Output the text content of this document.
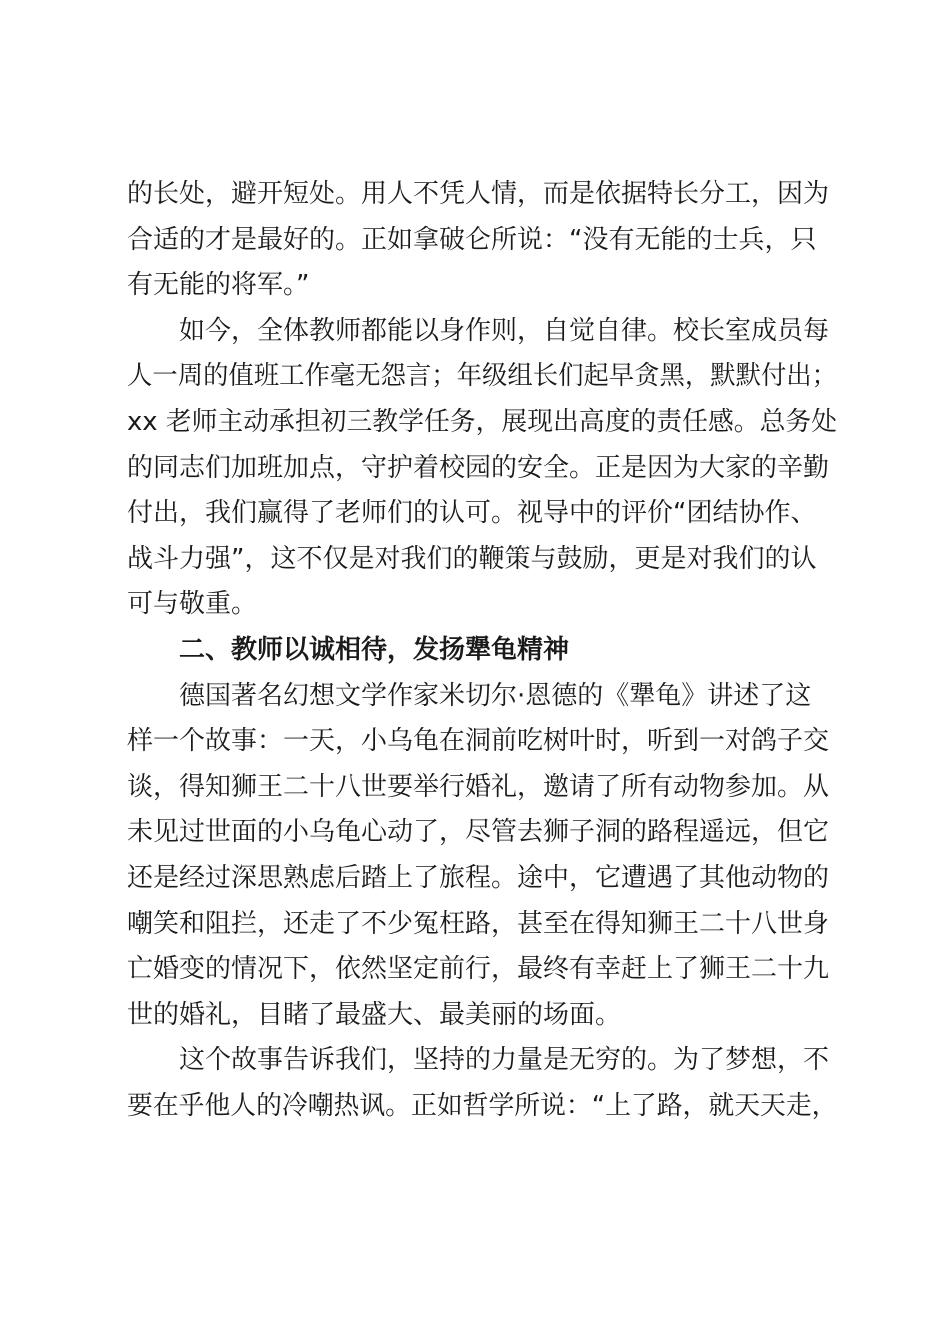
的长处，避开短处。用人不凭人情，而是依据特长分工，因为
合适的才是最好的。正如拿破仑所说：“没有无能的士兵，只
有无能的将军。”
如今，全体教师都能以身作则，自觉自律。校长室成员每
人一周的值班工作毫无怨言；年级组长们起早贪黑，默默付出；
xx 老师主动承担初三教学任务，展现出高度的责任感。总务处
的同志们加班加点，守护着校园的安全。正是因为大家的辛勤
付出，我们赢得了老师们的认可。视导中的评价“团结协作、
战斗力强”，这不仅是对我们的鞭策与鼓励，更是对我们的认
可与敬重。
二、教师以诚相待，发扬犟龟精神
德国著名幻想文学作家米切尔·恩德的《犟龟》讲述了这
样一个故事：一天，小乌龟在洞前吃树叶时，听到一对鸽子交
谈，得知狮王二十八世要举行婚礼，邀请了所有动物参加。从
未见过世面的小乌龟心动了，尽管去狮子洞的路程遥远，但它
还是经过深思熟虑后踏上了旅程。途中，它遭遇了其他动物的
嘲笑和阻拦，还走了不少冤枉路，甚至在得知狮王二十八世身
亡婚变的情况下，依然坚定前行，最终有幸赶上了狮王二十九
世的婚礼，目睹了最盛大、最美丽的场面。
这个故事告诉我们，坚持的力量是无穷的。为了梦想，不
要在乎他人的冷嘲热讽。正如哲学所说：“上了路，就天天走，
